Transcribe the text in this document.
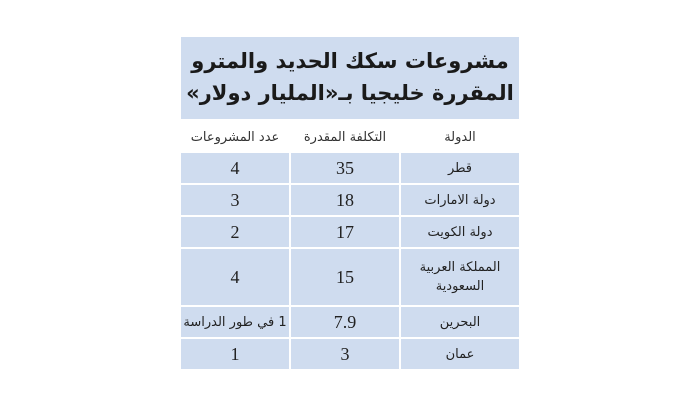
مشروعات سكك الحديد والمترو
المقررة خليجيا بـ«المليار دولار»
الدولة	التكلفة المقدرة	عدد المشروعات
قطر	35	4
دولة الامارات	18	3
دولة الكويت	17	2
المملكة العربية السعودية	15	4
البحرين	7.9	1 في طور الدراسة
عمان	3	1
